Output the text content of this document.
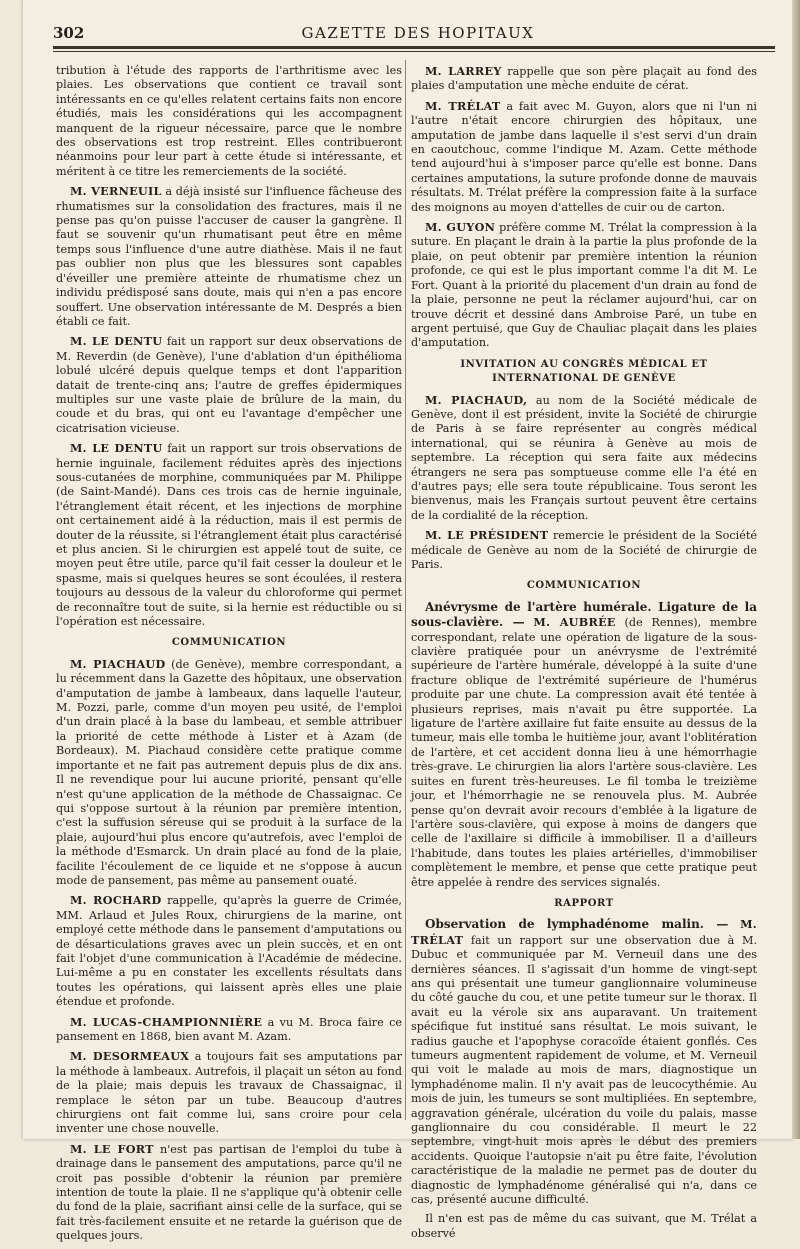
302	GAZETTE DES HOPITAUX

tribution à l'étude des rapports de l'arthritisme avec les plaies. Les observations que contient ce travail sont intéressants en ce qu'elles relatent certains faits non encore étudiés, mais les considérations qui les accompagnent manquent de la rigueur nécessaire, parce que le nombre des observations est trop restreint. Elles contribueront néanmoins pour leur part à cette étude si intéressante, et méritent à ce titre les remerciements de la société.

M. VERNEUIL a déjà insisté sur l'influence fâcheuse des rhumatismes sur la consolidation des fractures, mais il ne pense pas qu'on puisse l'accuser de causer la gangrène. Il faut se souvenir qu'un rhumatisant peut être en même temps sous l'influence d'une autre diathèse. Mais il ne faut pas oublier non plus que les blessures sont capables d'éveiller une première atteinte de rhumatisme chez un individu prédisposé sans doute, mais qui n'en a pas encore souffert. Une observation intéressante de M. Després a bien établi ce fait.

M. LE DENTU fait un rapport sur deux observations de M. Reverdin (de Genève), l'une d'ablation d'un épithélioma lobulé ulcéré depuis quelque temps et dont l'apparition datait de trente-cinq ans; l'autre de greffes épidermiques multiples sur une vaste plaie de brûlure de la main, du coude et du bras, qui ont eu l'avantage d'empêcher une cicatrisation vicieuse.

M. LE DENTU fait un rapport sur trois observations de hernie inguinale, facilement réduites après des injections sous-cutanées de morphine, communiquées par M. Philippe (de Saint-Mandé). Dans ces trois cas de hernie inguinale, l'étranglement était récent, et les injections de morphine ont certainement aidé à la réduction, mais il est permis de douter de la réussite, si l'étranglement était plus caractérisé et plus ancien. Si le chirurgien est appelé tout de suite, ce moyen peut être utile, parce qu'il fait cesser la douleur et le spasme, mais si quelques heures se sont écoulées, il restera toujours au dessous de la valeur du chloroforme qui permet de reconnaître tout de suite, si la hernie est réductible ou si l'opération est nécessaire.

COMMUNICATION

M. PIACHAUD (de Genève), membre correspondant, a lu récemment dans la Gazette des hôpitaux, une observation d'amputation de jambe à lambeaux, dans laquelle l'auteur, M. Pozzi, parle, comme d'un moyen peu usité, de l'emploi d'un drain placé à la base du lambeau, et semble attribuer la priorité de cette méthode à Lister et à Azam (de Bordeaux). M. Piachaud considère cette pratique comme importante et ne fait pas autrement depuis plus de dix ans. Il ne revendique pour lui aucune priorité, pensant qu'elle n'est qu'une application de la méthode de Chassaignac. Ce qui s'oppose surtout à la réunion par première intention, c'est la suffusion séreuse qui se produit à la surface de la plaie, aujourd'hui plus encore qu'autrefois, avec l'emploi de la méthode d'Esmarck. Un drain placé au fond de la plaie, facilite l'écoulement de ce liquide et ne s'oppose à aucun mode de pansement, pas même au pansement ouaté.

M. ROCHARD rappelle, qu'après la guerre de Crimée, MM. Arlaud et Jules Roux, chirurgiens de la marine, ont employé cette méthode dans le pansement d'amputations ou de désarticulations graves avec un plein succès, et en ont fait l'objet d'une communication à l'Académie de médecine. Lui-même a pu en constater les excellents résultats dans toutes les opérations, qui laissent après elles une plaie étendue et profonde.

M. LUCAS-CHAMPIONNIÈRE a vu M. Broca faire ce pansement en 1868, bien avant M. Azam.

M. DESORMEAUX a toujours fait ses amputations par la méthode à lambeaux. Autrefois, il plaçait un séton au fond de la plaie; mais depuis les travaux de Chassaignac, il remplace le séton par un tube. Beaucoup d'autres chirurgiens ont fait comme lui, sans croire pour cela inventer une chose nouvelle.

M. LE FORT n'est pas partisan de l'emploi du tube à drainage dans le pansement des amputations, parce qu'il ne croit pas possible d'obtenir la réunion par première intention de toute la plaie. Il ne s'applique qu'à obtenir celle du fond de la plaie, sacrifiant ainsi celle de la surface, qui se fait très-facilement ensuite et ne retarde la guérison que de quelques jours.

M. LARREY rappelle que son père plaçait au fond des plaies d'amputation une mèche enduite de cérat.

M. TRÉLAT a fait avec M. Guyon, alors que ni l'un ni l'autre n'était encore chirurgien des hôpitaux, une amputation de jambe dans laquelle il s'est servi d'un drain en caoutchouc, comme l'indique M. Azam. Cette méthode tend aujourd'hui à s'imposer parce qu'elle est bonne. Dans certaines amputations, la suture profonde donne de mauvais résultats. M. Trélat préfère la compression faite à la surface des moignons au moyen d'attelles de cuir ou de carton.

M. GUYON préfère comme M. Trélat la compression à la suture. En plaçant le drain à la partie la plus profonde de la plaie, on peut obtenir par première intention la réunion profonde, ce qui est le plus important comme l'a dit M. Le Fort. Quant à la priorité du placement d'un drain au fond de la plaie, personne ne peut la réclamer aujourd'hui, car on trouve décrit et dessiné dans Ambroise Paré, un tube en argent pertuisé, que Guy de Chauliac plaçait dans les plaies d'amputation.

INVITATION AU CONGRÈS MÉDICAL ET INTERNATIONAL DE GENÈVE

M. PIACHAUD, au nom de la Société médicale de Genève, dont il est président, invite la Société de chirurgie de Paris à se faire représenter au congrès médical international, qui se réunira à Genève au mois de septembre. La réception qui sera faite aux médecins étrangers ne sera pas somptueuse comme elle l'a été en d'autres pays; elle sera toute républicaine. Tous seront les bienvenus, mais les Français surtout peuvent être certains de la cordialité de la réception.

M. LE PRÉSIDENT remercie le président de la Société médicale de Genève au nom de la Société de chirurgie de Paris.

COMMUNICATION

Anévrysme de l'artère humérale. Ligature de la sous-clavière. — M. AUBRÉE (de Rennes), membre correspondant, relate une opération de ligature de la sous-clavière pratiquée pour un anévrysme de l'extrémité supérieure de l'artère humérale, développé à la suite d'une fracture oblique de l'extrémité supérieure de l'humérus produite par une chute. La compression avait été tentée à plusieurs reprises, mais n'avait pu être supportée. La ligature de l'artère axillaire fut faite ensuite au dessus de la tumeur, mais elle tomba le huitième jour, avant l'oblitération de l'artère, et cet accident donna lieu à une hémorrhagie très-grave. Le chirurgien lia alors l'artère sous-clavière. Les suites en furent très-heureuses. Le fil tomba le treizième jour, et l'hémorrhagie ne se renouvela plus. M. Aubrée pense qu'on devrait avoir recours d'emblée à la ligature de l'artère sous-clavière, qui expose à moins de dangers que celle de l'axillaire si difficile à immobiliser. Il a d'ailleurs l'habitude, dans toutes les plaies artérielles, d'immobiliser complètement le membre, et pense que cette pratique peut être appelée à rendre des services signalés.

RAPPORT

Observation de lymphadénome malin. — M. TRÉLAT fait un rapport sur une observation due à M. Dubuc et communiquée par M. Verneuil dans une des dernières séances. Il s'agissait d'un homme de vingt-sept ans qui présentait une tumeur ganglionnaire volumineuse du côté gauche du cou, et une petite tumeur sur le thorax. Il avait eu la vérole six ans auparavant. Un traitement spécifique fut institué sans résultat. Le mois suivant, le radius gauche et l'apophyse coracoïde étaient gonflés. Ces tumeurs augmentent rapidement de volume, et M. Verneuil qui voit le malade au mois de mars, diagnostique un lymphadénome malin. Il n'y avait pas de leucocythémie. Au mois de juin, les tumeurs se sont multipliées. En septembre, aggravation générale, ulcération du voile du palais, masse ganglionnaire du cou considérable. Il meurt le 22 septembre, vingt-huit mois après le début des premiers accidents. Quoique l'autopsie n'ait pu être faite, l'évolution caractéristique de la maladie ne permet pas de douter du diagnostic de lymphadénome généralisé qui n'a, dans ce cas, présenté aucune difficulté.

Il n'en est pas de même du cas suivant, que M. Trélat a observé
